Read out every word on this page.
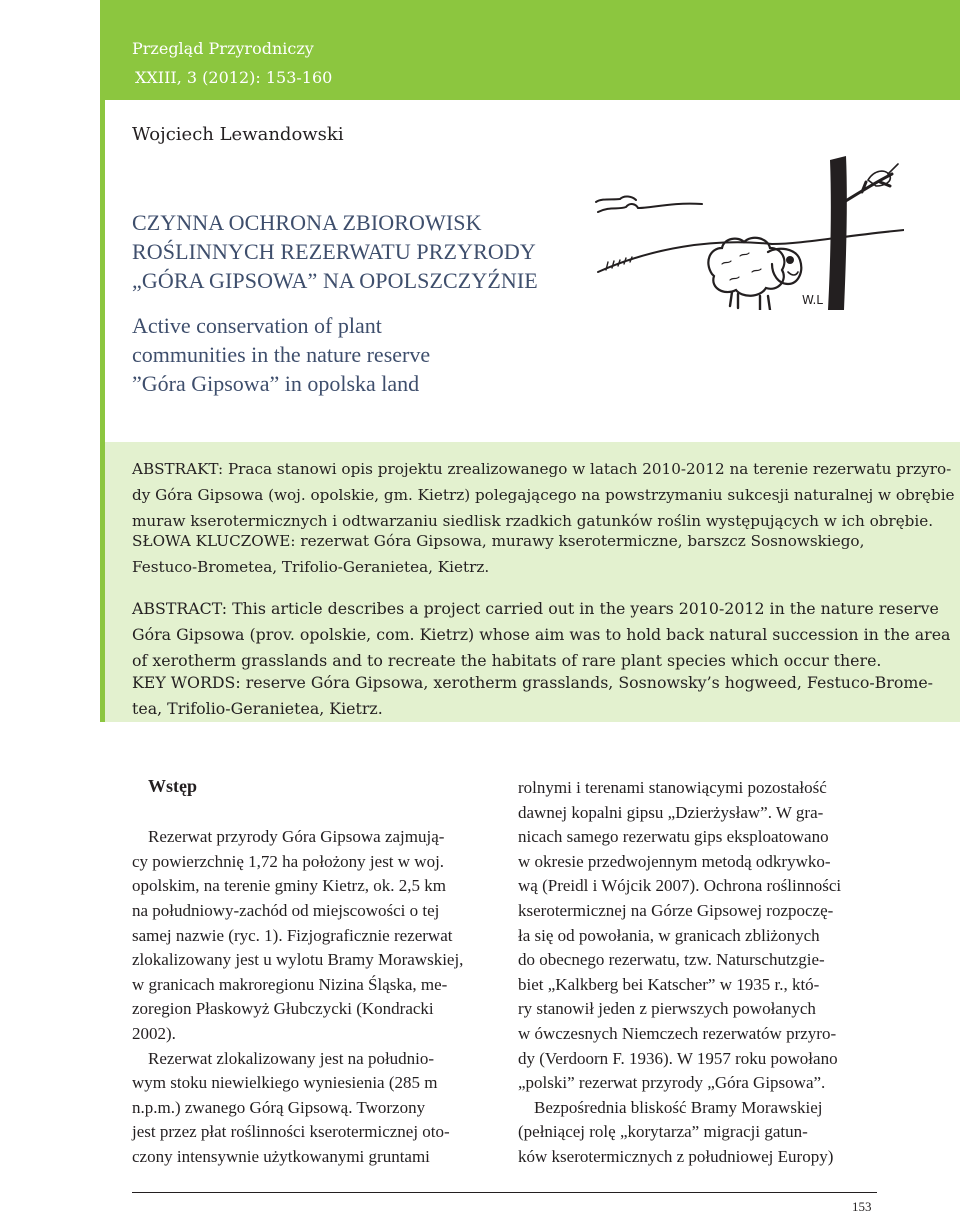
Przegląd Przyrodniczy
XXIII, 3 (2012): 153-160
Wojciech Lewandowski
CZYNNA OCHRONA ZBIOROWISK
ROŚLINNYCH REZERWATU PRZYRODY
„GÓRA GIPSOWA” NA OPOLSZCZYŹNIE
Active conservation of plant
communities in the nature reserve
”Góra Gipsowa” in opolska land
W.L

ABSTRAKT: Praca stanowi opis projektu zrealizowanego w latach 2010-2012 na terenie rezerwatu przyro-
dy Góra Gipsowa (woj. opolskie, gm. Kietrz) polegającego na powstrzymaniu sukcesji naturalnej w obrębie
muraw kserotermicznych i odtwarzaniu siedlisk rzadkich gatunków roślin występujących w ich obrębie.

SŁOWA KLUCZOWE: rezerwat Góra Gipsowa, murawy kserotermiczne, barszcz Sosnowskiego,
Festuco-Brometea, Trifolio-Geranietea, Kietrz.

ABSTRACT: This article describes a project carried out in the years 2010-2012 in the nature reserve
Góra Gipsowa (prov. opolskie, com. Kietrz) whose aim was to hold back natural succession in the area
of xerotherm grasslands and to recreate the habitats of rare plant species which occur there.

KEY WORDS: reserve Góra Gipsowa, xerotherm grasslands, Sosnowsky’s hogweed, Festuco-Brome-
tea, Trifolio-Geranietea, Kietrz.

Wstęp

Rezerwat przyrody Góra Gipsowa zajmują-
cy powierzchnię 1,72 ha położony jest w woj.
opolskim, na terenie gminy Kietrz, ok. 2,5 km
na południowy-zachód od miejscowości o tej
samej nazwie (ryc. 1). Fizjograficznie rezerwat
zlokalizowany jest u wylotu Bramy Morawskiej,
w granicach makroregionu Nizina Śląska, me-
zoregion Płaskowyż Głubczycki (Kondracki
2002).
Rezerwat zlokalizowany jest na południo-
wym stoku niewielkiego wyniesienia (285 m
n.p.m.) zwanego Górą Gipsową. Tworzony
jest przez płat roślinności kserotermicznej oto-
czony intensywnie użytkowanymi gruntami
rolnymi i terenami stanowiącymi pozostałość
dawnej kopalni gipsu „Dzierżysław”. W gra-
nicach samego rezerwatu gips eksploatowano
w okresie przedwojennym metodą odkrywko-
wą (Preidl i Wójcik 2007). Ochrona roślinności
kserotermicznej na Górze Gipsowej rozpoczę-
ła się od powołania, w granicach zbliżonych
do obecnego rezerwatu, tzw. Naturschutzgie-
biet „Kalkberg bei Katscher” w 1935 r., któ-
ry stanowił jeden z pierwszych powołanych
w ówczesnych Niemczech rezerwatów przyro-
dy (Verdoorn F. 1936). W 1957 roku powołano
„polski” rezerwat przyrody „Góra Gipsowa”.
Bezpośrednia bliskość Bramy Morawskiej
(pełniącej rolę „korytarza” migracji gatun-
ków kserotermicznych z południowej Europy)
153
